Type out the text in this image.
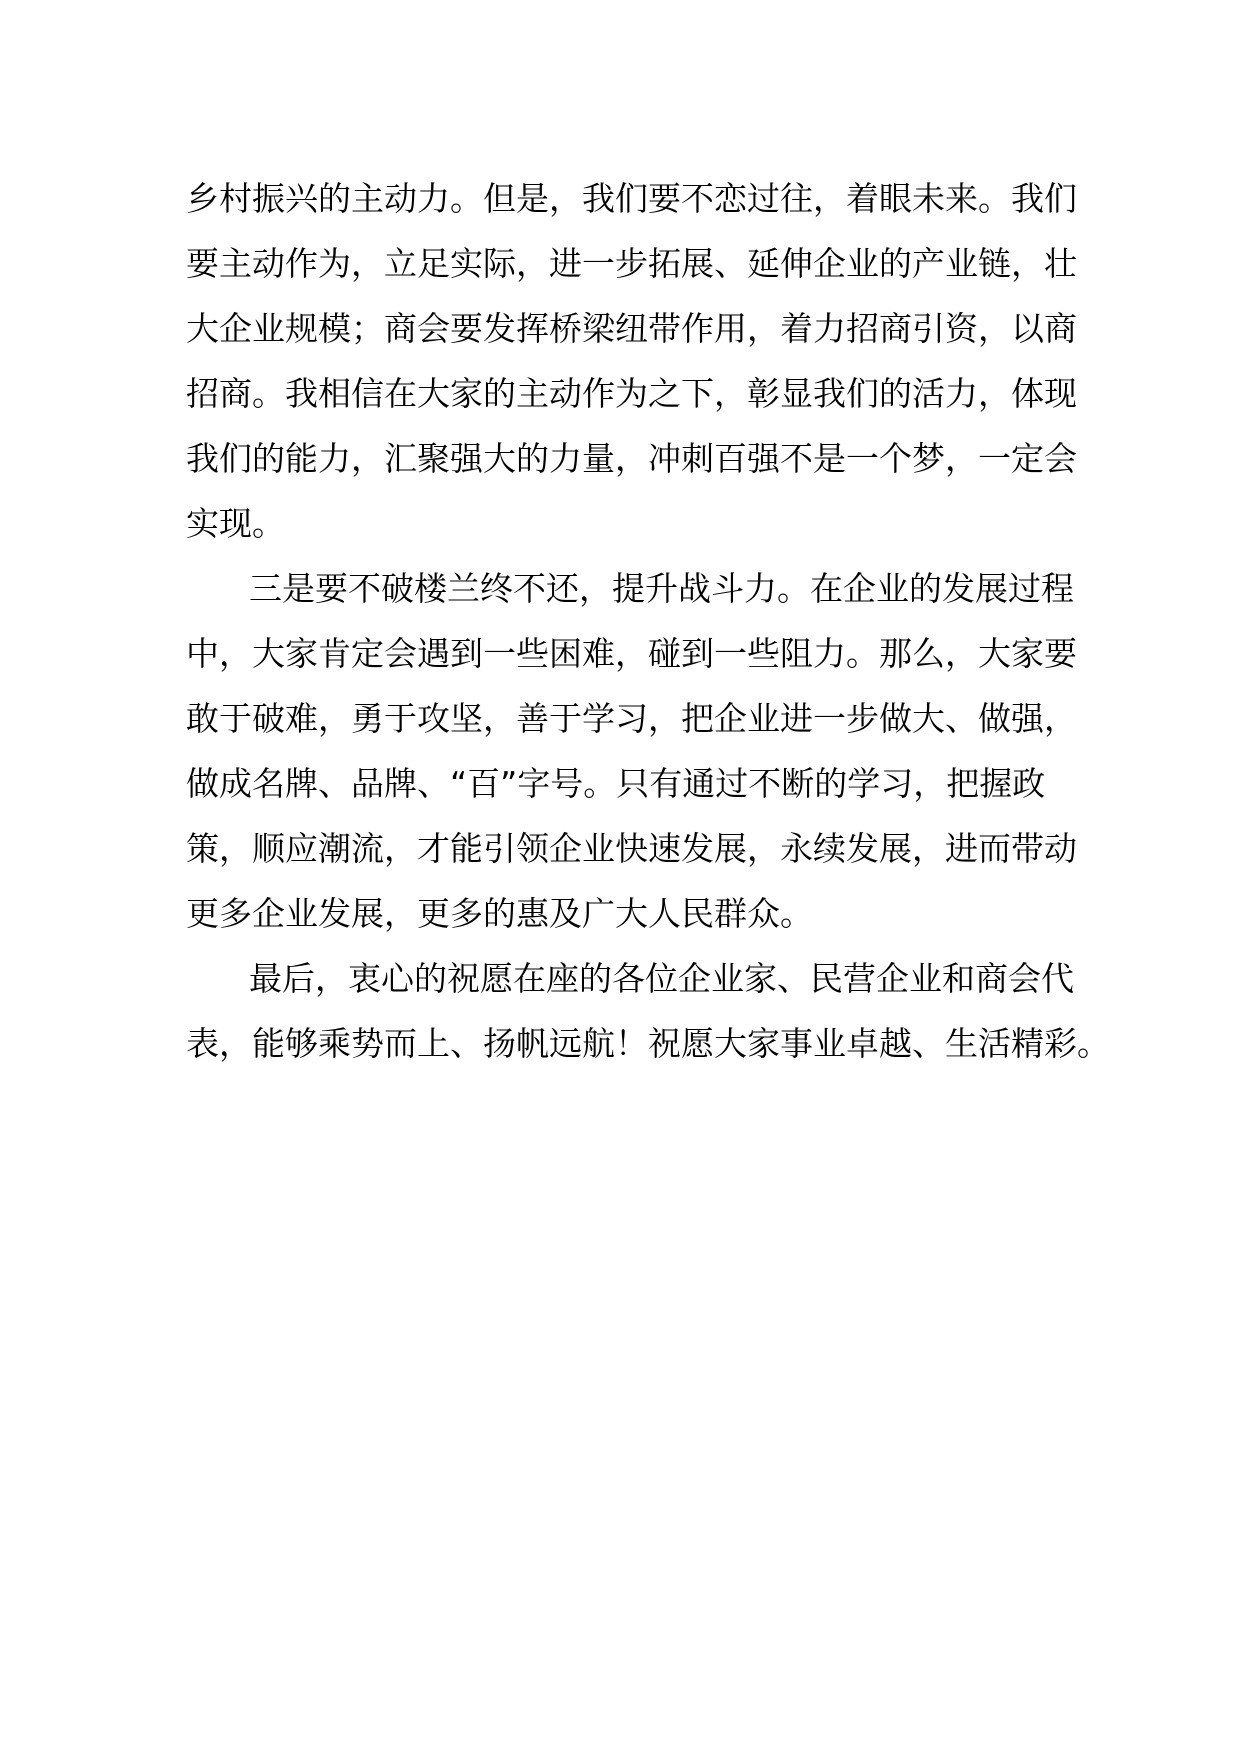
乡村振兴的主动力。但是，我们要不恋过往，着眼未来。我们
要主动作为，立足实际，进一步拓展、延伸企业的产业链，壮
大企业规模；商会要发挥桥梁纽带作用，着力招商引资，以商
招商。我相信在大家的主动作为之下，彰显我们的活力，体现
我们的能力，汇聚强大的力量，冲刺百强不是一个梦，一定会
实现。
三是要不破楼兰终不还，提升战斗力。在企业的发展过程
中，大家肯定会遇到一些困难，碰到一些阻力。那么，大家要
敢于破难，勇于攻坚，善于学习，把企业进一步做大、做强，
做成名牌、品牌、“百”字号。只有通过不断的学习，把握政
策，顺应潮流，才能引领企业快速发展，永续发展，进而带动
更多企业发展，更多的惠及广大人民群众。
最后，衷心的祝愿在座的各位企业家、民营企业和商会代
表，能够乘势而上、扬帆远航！祝愿大家事业卓越、生活精彩。
